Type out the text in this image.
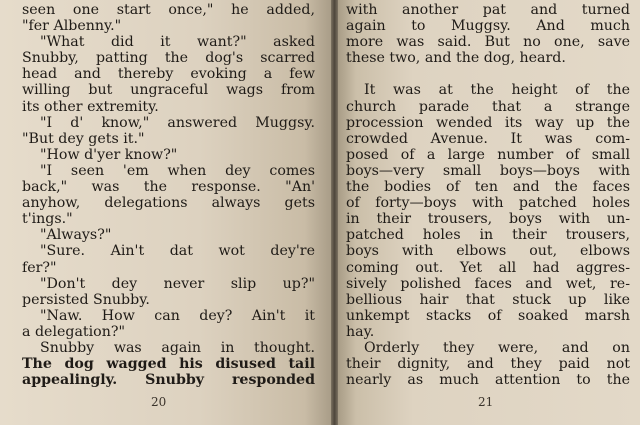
seen one start once," he added,
"fer Albenny."
"What did it want?" asked
Snubby, patting the dog's scarred
head and thereby evoking a few
willing but ungraceful wags from
its other extremity.
"I d' know," answered Muggsy.
"But dey gets it."
"How d'yer know?"
"I seen 'em when dey comes
back," was the response. "An'
anyhow, delegations always gets
t'ings."
"Always?"
"Sure. Ain't dat wot dey're
fer?"
"Don't dey never slip up?"
persisted Snubby.
"Naw. How can dey? Ain't it
a delegation?"
Snubby was again in thought.
The dog wagged his disused tail
appealingly. Snubby responded
20
with another pat and turned
again to Muggsy. And much
more was said. But no one, save
these two, and the dog, heard.
It was at the height of the
church parade that a strange
procession wended its way up the
crowded Avenue. It was com-
posed of a large number of small
boys—very small boys—boys with
the bodies of ten and the faces
of forty—boys with patched holes
in their trousers, boys with un-
patched holes in their trousers,
boys with elbows out, elbows
coming out. Yet all had aggres-
sively polished faces and wet, re-
bellious hair that stuck up like
unkempt stacks of soaked marsh
hay.
Orderly they were, and on
their dignity, and they paid not
nearly as much attention to the
21
